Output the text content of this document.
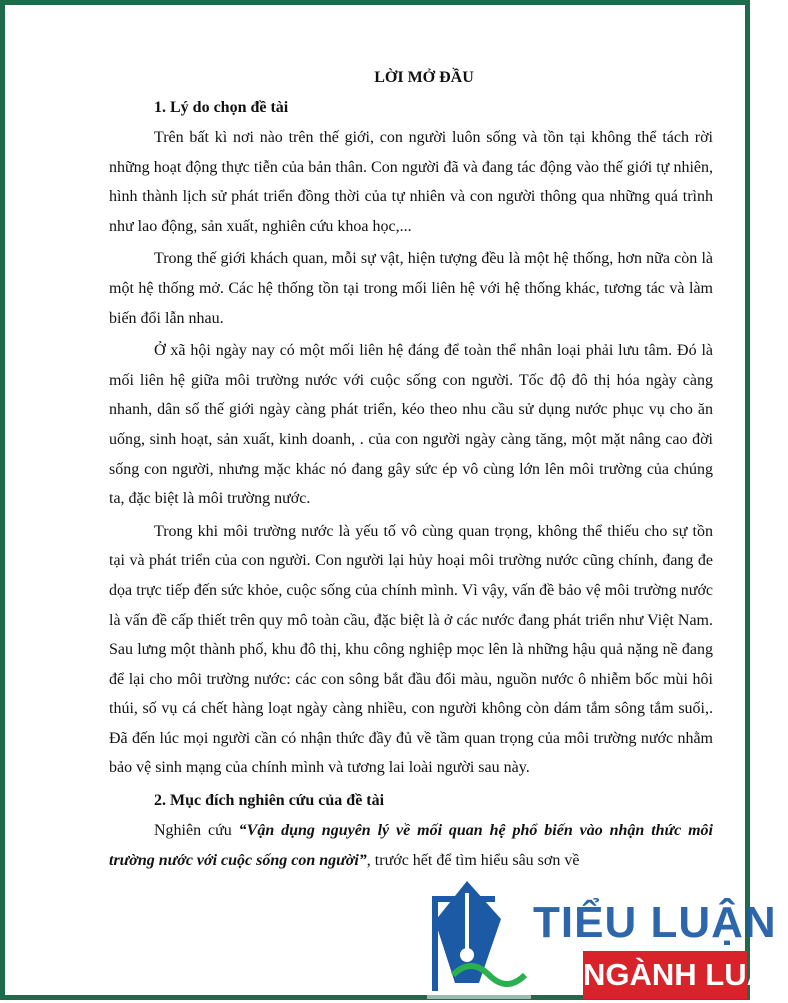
LỜI MỞ ĐẦU
1. Lý do chọn đề tài

Trên bất kì nơi nào trên thế giới, con người luôn sống và tồn tại không thể tách rời những hoạt động thực tiễn của bản thân. Con người đã và đang tác động vào thế giới tự nhiên, hình thành lịch sử phát triển đồng thời của tự nhiên và con người thông qua những quá trình như lao động, sản xuất, nghiên cứu khoa học,...

Trong thế giới khách quan, mỗi sự vật, hiện tượng đều là một hệ thống, hơn nữa còn là một hệ thống mở. Các hệ thống tồn tại trong mối liên hệ với hệ thống khác, tương tác và làm biến đổi lẫn nhau.

Ở xã hội ngày nay có một mối liên hệ đáng để toàn thể nhân loại phải lưu tâm. Đó là mối liên hệ giữa môi trường nước với cuộc sống con người. Tốc độ đô thị hóa ngày càng nhanh, dân số thế giới ngày càng phát triển, kéo theo nhu cầu sử dụng nước phục vụ cho ăn uống, sinh hoạt, sản xuất, kinh doanh, . của con người ngày càng tăng, một mặt nâng cao đời sống con người, nhưng mặc khác nó đang gây sức ép vô cùng lớn lên môi trường của chúng ta, đặc biệt là môi trường nước.

Trong khi môi trường nước là yếu tố vô cùng quan trọng, không thể thiếu cho sự tồn tại và phát triển của con người. Con người lại hủy hoại môi trường nước cũng chính, đang đe dọa trực tiếp đến sức khỏe, cuộc sống của chính mình. Vì vậy, vấn đề bảo vệ môi trường nước là vấn đề cấp thiết trên quy mô toàn cầu, đặc biệt là ở các nước đang phát triển như Việt Nam. Sau lưng một thành phố, khu đô thị, khu công nghiệp mọc lên là những hậu quả nặng nề đang để lại cho môi trường nước: các con sông bắt đầu đổi màu, nguồn nước ô nhiễm bốc mùi hôi thúi, số vụ cá chết hàng loạt ngày càng nhiều, con người không còn dám tắm sông tắm suối,. Đã đến lúc mọi người cần có nhận thức đầy đủ về tầm quan trọng của môi trường nước nhằm bảo vệ sinh mạng của chính mình và tương lai loài người sau này.

2. Mục đích nghiên cứu của đề tài

Nghiên cứu “Vận dụng nguyên lý về mối quan hệ phổ biến vào nhận thức môi trường nước với cuộc sống con người”, trước hết để tìm hiểu sâu sơn về

TIỂU LUẬN
NGÀNH LUẬT
